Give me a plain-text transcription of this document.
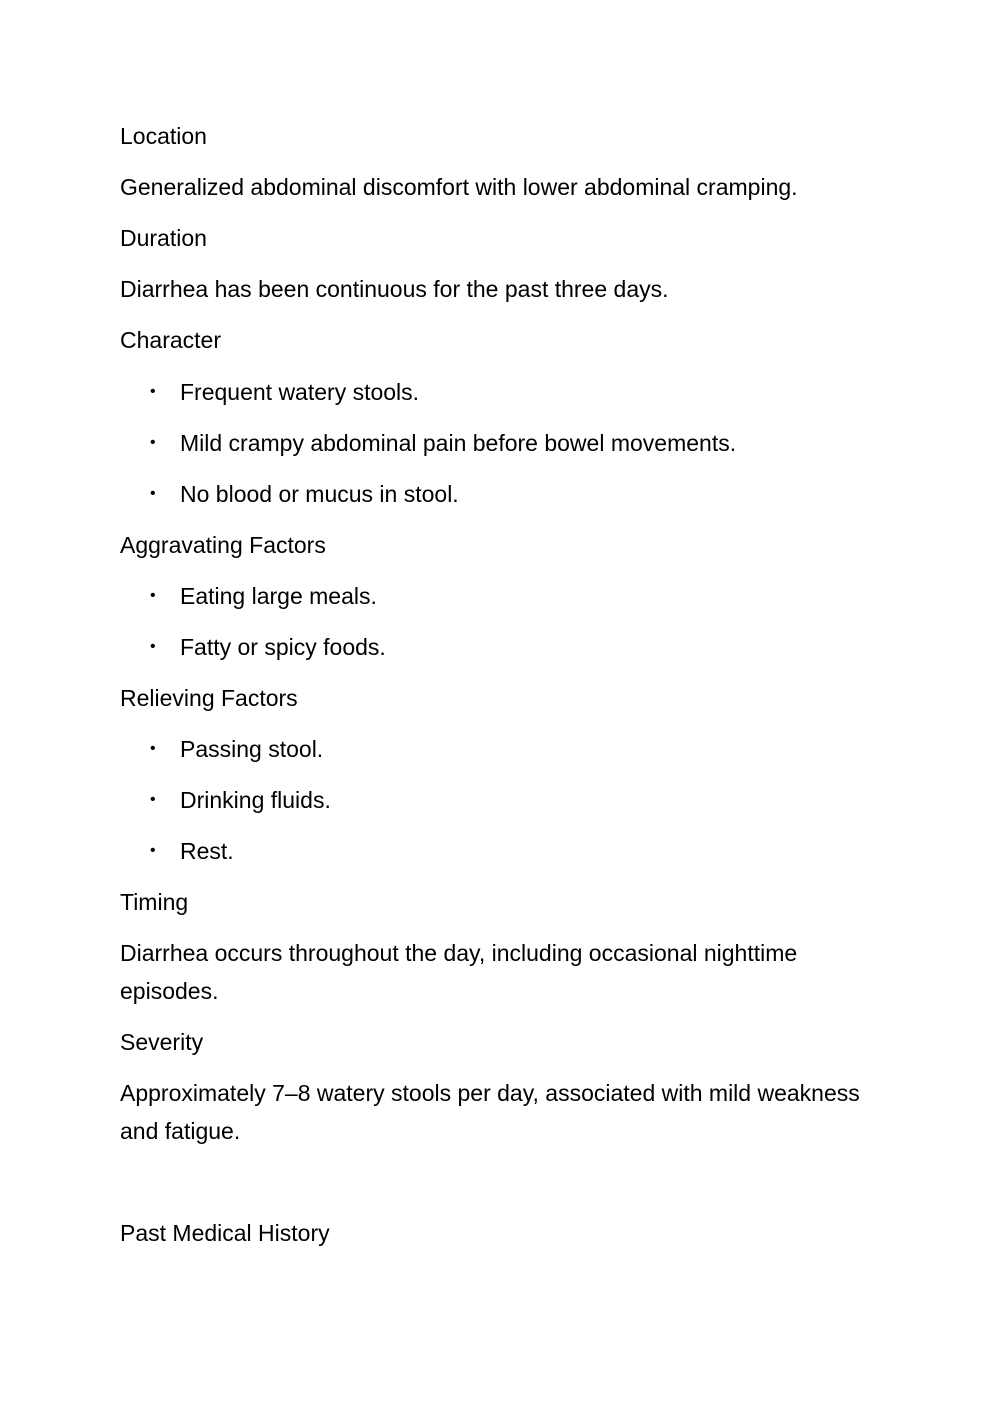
Location

Generalized abdominal discomfort with lower abdominal cramping.

Duration

Diarrhea has been continuous for the past three days.

Character

• Frequent watery stools.
• Mild crampy abdominal pain before bowel movements.
• No blood or mucus in stool.

Aggravating Factors

• Eating large meals.
• Fatty or spicy foods.

Relieving Factors

• Passing stool.
• Drinking fluids.
• Rest.

Timing

Diarrhea occurs throughout the day, including occasional nighttime episodes.

Severity

Approximately 7–8 watery stools per day, associated with mild weakness and fatigue.

Past Medical History
